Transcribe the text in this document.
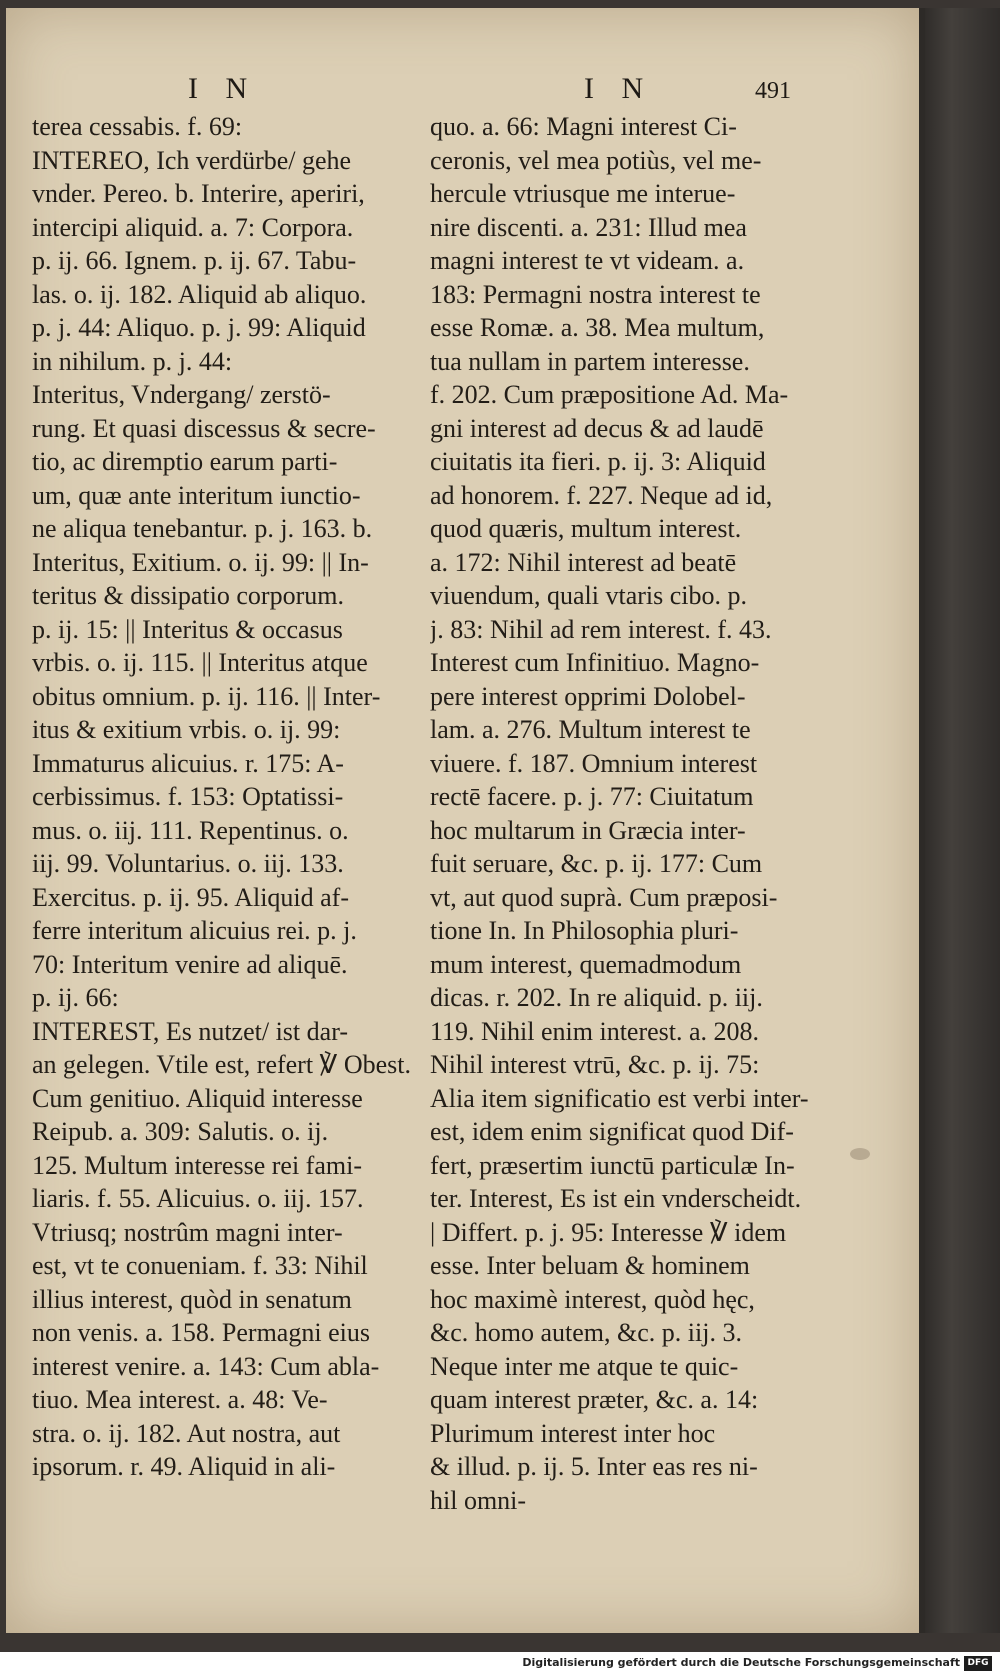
I N	I N	491
terea cessabis. f. 69:
INTEREO, Ich verdürbe/ gehe
vnder. Pereo. b. Interire, aperiri,
intercipi aliquid. a. 7: Corpora.
p. ij. 66. Ignem. p. ij. 67. Tabu-
las. o. ij. 182. Aliquid ab aliquo.
p. j. 44: Aliquo. p. j. 99: Aliquid
in nihilum. p. j. 44:
Interitus, Vndergang/ zerstö-
rung. Et quasi discessus & secre-
tio, ac diremptio earum parti-
um, quæ ante interitum iunctio-
ne aliqua tenebantur. p. j. 163. b.
Interitus, Exitium. o. ij. 99: || In-
teritus & dissipatio corporum.
p. ij. 15: || Interitus & occasus
vrbis. o. ij. 115. || Interitus atque
obitus omnium. p. ij. 116. || Inter-
itus & exitium vrbis. o. ij. 99:
Immaturus alicuius. r. 175: A-
cerbissimus. f. 153: Optatissi-
mus. o. iij. 111. Repentinus. o.
iij. 99. Voluntarius. o. iij. 133.
Exercitus. p. ij. 95. Aliquid af-
ferre interitum alicuius rei. p. j.
70: Interitum venire ad aliquē.
p. ij. 66:
INTEREST, Es nutzet/ ist dar-
an gelegen. Vtile est, refert ℣ Obest.
Cum genitiuo. Aliquid interesse
Reipub. a. 309: Salutis. o. ij.
125. Multum interesse rei fami-
liaris. f. 55. Alicuius. o. iij. 157.
Vtriusq; nostrûm magni inter-
est, vt te conueniam. f. 33: Nihil
illius interest, quòd in senatum
non venis. a. 158. Permagni eius
interest venire. a. 143: Cum abla-
tiuo. Mea interest. a. 48: Ve-
stra. o. ij. 182. Aut nostra, aut
ipsorum. r. 49. Aliquid in ali-
quo. a. 66: Magni interest Ci-
ceronis, vel mea potiùs, vel me-
hercule vtriusque me interue-
nire discenti. a. 231: Illud mea
magni interest te vt videam. a.
183: Permagni nostra interest te
esse Romæ. a. 38. Mea multum,
tua nullam in partem interesse.
f. 202. Cum præpositione Ad. Ma-
gni interest ad decus & ad laudē
ciuitatis ita fieri. p. ij. 3: Aliquid
ad honorem. f. 227. Neque ad id,
quod quæris, multum interest.
a. 172: Nihil interest ad beatē
viuendum, quali vtaris cibo. p.
j. 83: Nihil ad rem interest. f. 43.
Interest cum Infinitiuo. Magno-
pere interest opprimi Dolobel-
lam. a. 276. Multum interest te
viuere. f. 187. Omnium interest
rectē facere. p. j. 77: Ciuitatum
hoc multarum in Græcia inter-
fuit seruare, &c. p. ij. 177: Cum
vt, aut quod suprà. Cum præposi-
tione In. In Philosophia pluri-
mum interest, quemadmodum
dicas. r. 202. In re aliquid. p. iij.
119. Nihil enim interest. a. 208.
Nihil interest vtrū, &c. p. ij. 75:
Alia item significatio est verbi inter-
est, idem enim significat quod Dif-
fert, præsertim iunctū particulæ In-
ter. Interest, Es ist ein vnderscheidt.
| Differt. p. j. 95: Interesse ℣ idem
esse. Inter beluam & hominem
hoc maximè interest, quòd hęc,
&c. homo autem, &c. p. iij. 3.
Neque inter me atque te quic-
quam interest præter, &c. a. 14:
Plurimum interest inter hoc
& illud. p. ij. 5. Inter eas res ni-
hil omni-
Digitalisierung gefördert durch die Deutsche Forschungsgemeinschaft DFG
